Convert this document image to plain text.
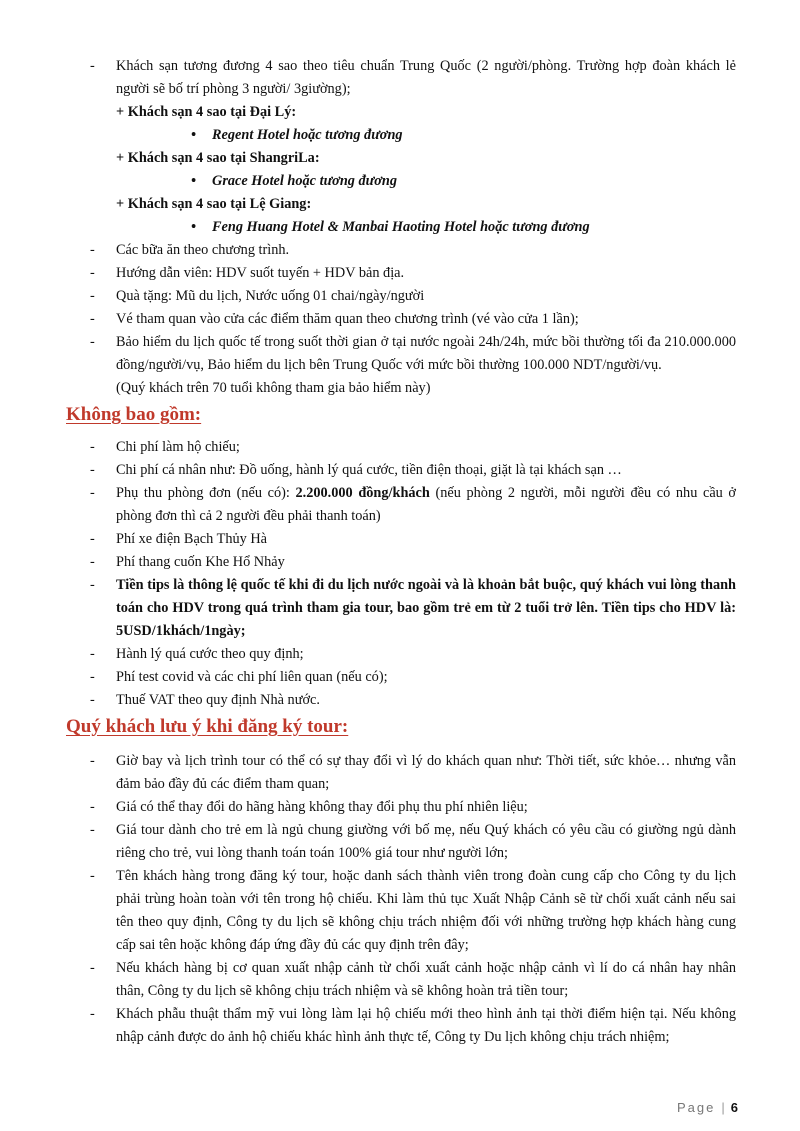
-	Khách sạn tương đương 4 sao theo tiêu chuẩn Trung Quốc (2 người/phòng. Trường hợp đoàn khách lẻ người sẽ bố trí phòng 3 người/ 3giường);
+ Khách sạn 4 sao tại Đại Lý:
• Regent Hotel hoặc tương đương
+ Khách sạn 4 sao tại ShangriLa:
• Grace Hotel hoặc tương đương
+ Khách sạn 4 sao tại Lệ Giang:
• Feng Huang Hotel & Manbai Haoting Hotel hoặc tương đương
-	Các bữa ăn theo chương trình.
-	Hướng dẫn viên: HDV suốt tuyến + HDV bản địa.
-	Quà tặng: Mũ du lịch, Nước uống 01 chai/ngày/người
-	Vé tham quan vào cửa các điểm thăm quan theo chương trình (vé vào cửa 1 lần);
-	Bảo hiểm du lịch quốc tế trong suốt thời gian ở tại nước ngoài 24h/24h, mức bồi thường tối đa 210.000.000 đồng/người/vụ, Bảo hiểm du lịch bên Trung Quốc với mức bồi thường 100.000 NDT/người/vụ.
(Quý khách trên 70 tuổi không tham gia bảo hiểm này)
Không bao gồm:
-	Chi phí làm hộ chiếu;
-	Chi phí cá nhân như: Đồ uống, hành lý quá cước, tiền điện thoại, giặt là tại khách sạn …
-	Phụ thu phòng đơn (nếu có): 2.200.000 đồng/khách (nếu phòng 2 người, mỗi người đều có nhu cầu ở phòng đơn thì cả 2 người đều phải thanh toán)
-	Phí xe điện Bạch Thủy Hà
-	Phí thang cuốn Khe Hổ Nhảy
-	Tiền tips là thông lệ quốc tế khi đi du lịch nước ngoài và là khoản bắt buộc, quý khách vui lòng thanh toán cho HDV trong quá trình tham gia tour, bao gồm trẻ em từ 2 tuổi trở lên. Tiền tips cho HDV là: 5USD/1khách/1ngày;
-	Hành lý quá cước theo quy định;
-	Phí test covid và các chi phí liên quan (nếu có);
-	Thuế VAT theo quy định Nhà nước.
Quý khách lưu ý khi đăng ký tour:
-	Giờ bay và lịch trình tour có thể có sự thay đổi vì lý do khách quan như: Thời tiết, sức khỏe… nhưng vẫn đảm bảo đầy đủ các điểm tham quan;
-	Giá có thể thay đổi do hãng hàng không thay đổi phụ thu phí nhiên liệu;
-	Giá tour dành cho trẻ em là ngủ chung giường với bố mẹ, nếu Quý khách có yêu cầu có giường ngủ dành riêng cho trẻ, vui lòng thanh toán toán 100% giá tour như người lớn;
-	Tên khách hàng trong đăng ký tour, hoặc danh sách thành viên trong đoàn cung cấp cho Công ty du lịch phải trùng hoàn toàn với tên trong hộ chiếu. Khi làm thủ tục Xuất Nhập Cảnh sẽ từ chối xuất cảnh nếu sai tên theo quy định, Công ty du lịch sẽ không chịu trách nhiệm đối với những trường hợp khách hàng cung cấp sai tên hoặc không đáp ứng đầy đủ các quy định trên đây;
-	Nếu khách hàng bị cơ quan xuất nhập cảnh từ chối xuất cảnh hoặc nhập cảnh vì lí do cá nhân hay nhân thân, Công ty du lịch sẽ không chịu trách nhiệm và sẽ không hoàn trả tiền tour;
-	Khách phẫu thuật thẩm mỹ vui lòng làm lại hộ chiếu mới theo hình ảnh tại thời điểm hiện tại. Nếu không nhập cảnh được do ảnh hộ chiếu khác hình ảnh thực tế, Công ty Du lịch không chịu trách nhiệm;
Page | 6
